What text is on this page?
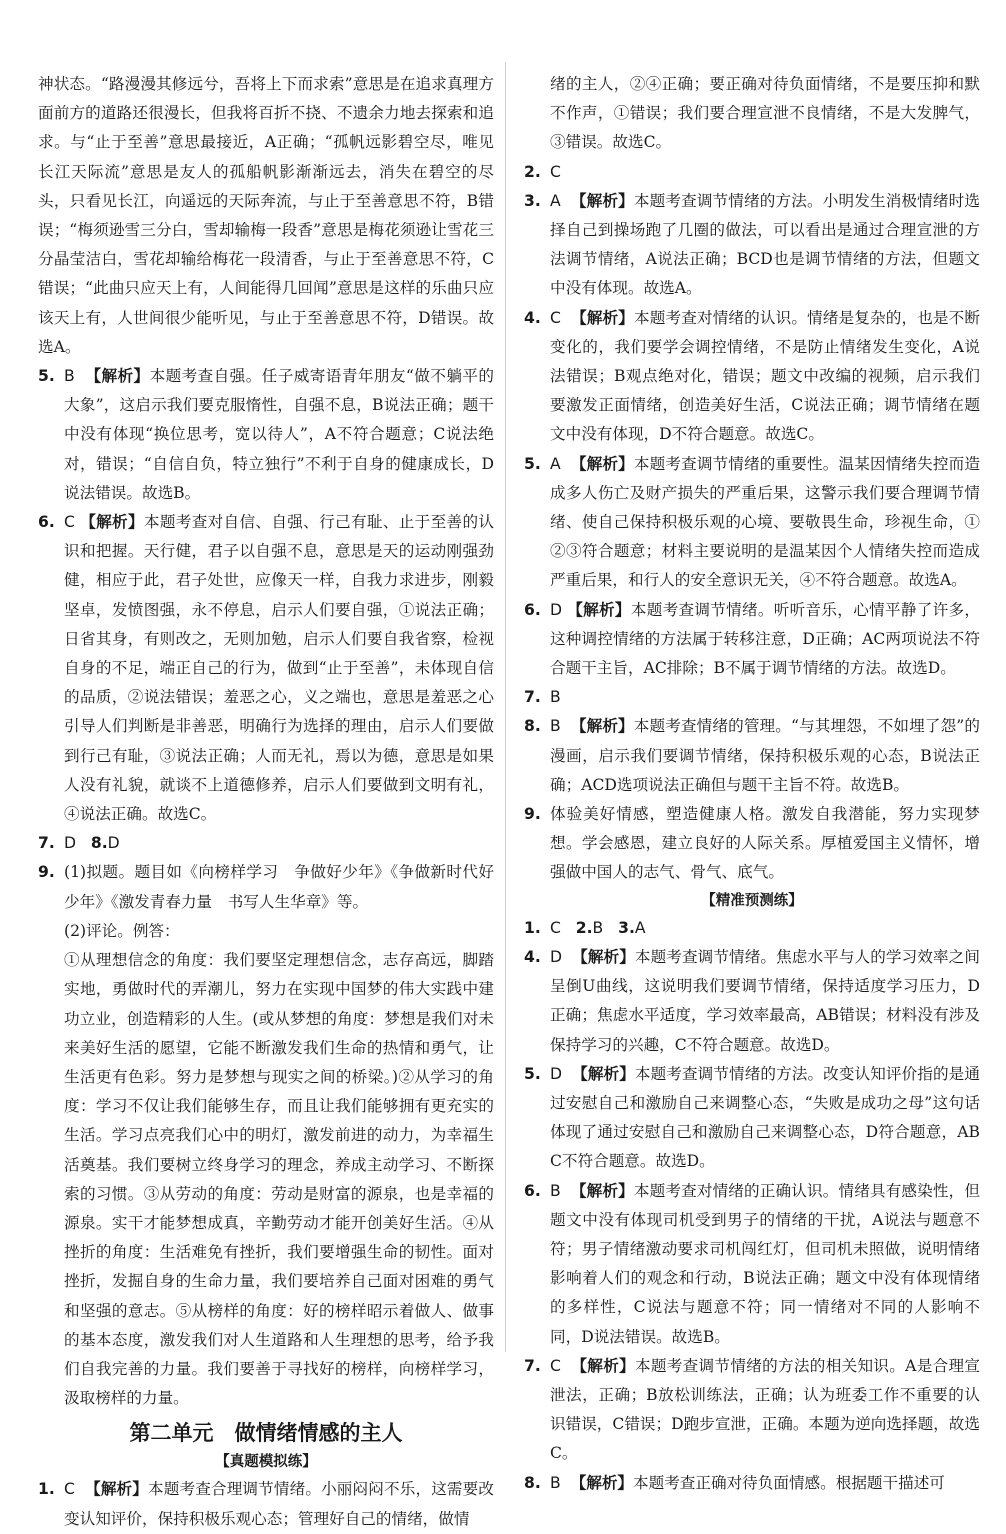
神状态。“路漫漫其修远兮，吾将上下而求索”意思是在追求真理方面前方的道路还很漫长，但我将百折不挠、不遗余力地去探索和追求。与“止于至善”意思最接近，A正确；“孤帆远影碧空尽，唯见长江天际流”意思是友人的孤船帆影渐渐远去，消失在碧空的尽头，只看见长江，向遥远的天际奔流，与止于至善意思不符，B错误；“梅须逊雪三分白，雪却输梅一段香”意思是梅花须逊让雪花三分晶莹洁白，雪花却输给梅花一段清香，与止于至善意思不符，C错误；“此曲只应天上有，人间能得几回闻”意思是这样的乐曲只应该天上有，人世间很少能听见，与止于至善意思不符，D错误。故选A。
5. B 【解析】本题考查自强。任子威寄语青年朋友“做不躺平的大象”，这启示我们要克服惰性，自强不息，B说法正确；题干中没有体现“换位思考，宽以待人”，A不符合题意；C说法绝对，错误；“自信自负，特立独行”不利于自身的健康成长，D说法错误。故选B。
6. C 【解析】本题考查对自信、自强、行己有耻、止于至善的认识和把握。天行健，君子以自强不息，意思是天的运动刚强劲健，相应于此，君子处世，应像天一样，自我力求进步，刚毅坚卓，发愤图强，永不停息，启示人们要自强，①说法正确；日省其身，有则改之，无则加勉，启示人们要自我省察，检视自身的不足，端正自己的行为，做到“止于至善”，未体现自信的品质，②说法错误；羞恶之心，义之端也，意思是羞恶之心引导人们判断是非善恶，明确行为选择的理由，启示人们要做到行己有耻，③说法正确；人而无礼，焉以为德，意思是如果人没有礼貌，就谈不上道德修养，启示人们要做到文明有礼，④说法正确。故选C。
7. D 8.D
9. (1)拟题。题目如《向榜样学习　争做好少年》《争做新时代好少年》《激发青春力量　书写人生华章》等。
(2)评论。例答：
①从理想信念的角度：我们要坚定理想信念，志存高远，脚踏实地，勇做时代的弄潮儿，努力在实现中国梦的伟大实践中建功立业，创造精彩的人生。(或从梦想的角度：梦想是我们对未来美好生活的愿望，它能不断激发我们生命的热情和勇气，让生活更有色彩。努力是梦想与现实之间的桥梁。)②从学习的角度：学习不仅让我们能够生存，而且让我们能够拥有更充实的生活。学习点亮我们心中的明灯，激发前进的动力，为幸福生活奠基。我们要树立终身学习的理念，养成主动学习、不断探索的习惯。③从劳动的角度：劳动是财富的源泉，也是幸福的源泉。实干才能梦想成真，辛勤劳动才能开创美好生活。④从挫折的角度：生活难免有挫折，我们要增强生命的韧性。面对挫折，发掘自身的生命力量，我们要培养自己面对困难的勇气和坚强的意志。⑤从榜样的角度：好的榜样昭示着做人、做事的基本态度，激发我们对人生道路和人生理想的思考，给予我们自我完善的力量。我们要善于寻找好的榜样，向榜样学习，汲取榜样的力量。
第二单元　做情绪情感的主人
【真题模拟练】
1. C 【解析】本题考查合理调节情绪。小丽闷闷不乐，这需要改变认知评价，保持积极乐观心态；管理好自己的情绪，做情
绪的主人，②④正确；要正确对待负面情绪，不是要压抑和默不作声，①错误；我们要合理宣泄不良情绪，不是大发脾气，③错误。故选C。
2. C
3. A 【解析】本题考查调节情绪的方法。小明发生消极情绪时选择自己到操场跑了几圈的做法，可以看出是通过合理宣泄的方法调节情绪，A说法正确；BCD也是调节情绪的方法，但题文中没有体现。故选A。
4. C 【解析】本题考查对情绪的认识。情绪是复杂的，也是不断变化的，我们要学会调控情绪，不是防止情绪发生变化，A说法错误；B观点绝对化，错误；题文中改编的视频，启示我们要激发正面情绪，创造美好生活，C说法正确；调节情绪在题文中没有体现，D不符合题意。故选C。
5. A 【解析】本题考查调节情绪的重要性。温某因情绪失控而造成多人伤亡及财产损失的严重后果，这警示我们要合理调节情绪、使自己保持积极乐观的心境、要敬畏生命，珍视生命，①②③符合题意；材料主要说明的是温某因个人情绪失控而造成严重后果，和行人的安全意识无关，④不符合题意。故选A。
6. D 【解析】本题考查调节情绪。听听音乐，心情平静了许多，这种调控情绪的方法属于转移注意，D正确；AC两项说法不符合题干主旨，AC排除；B不属于调节情绪的方法。故选D。
7. B
8. B 【解析】本题考查情绪的管理。“与其埋怨，不如埋了怨”的漫画，启示我们要调节情绪，保持积极乐观的心态，B说法正确；ACD选项说法正确但与题干主旨不符。故选B。
9. 体验美好情感，塑造健康人格。激发自我潜能，努力实现梦想。学会感恩，建立良好的人际关系。厚植爱国主义情怀，增强做中国人的志气、骨气、底气。
【精准预测练】
1. C 2.B 3.A
4. D 【解析】本题考查调节情绪。焦虑水平与人的学习效率之间呈倒U曲线，这说明我们要调节情绪，保持适度学习压力，D正确；焦虑水平适度，学习效率最高，AB错误；材料没有涉及保持学习的兴趣，C不符合题意。故选D。
5. D 【解析】本题考查调节情绪的方法。改变认知评价指的是通过安慰自己和激励自己来调整心态，“失败是成功之母”这句话体现了通过安慰自己和激励自己来调整心态，D符合题意，ABC不符合题意。故选D。
6. B 【解析】本题考查对情绪的正确认识。情绪具有感染性，但题文中没有体现司机受到男子的情绪的干扰，A说法与题意不符；男子情绪激动要求司机闯红灯，但司机未照做，说明情绪影响着人们的观念和行动，B说法正确；题文中没有体现情绪的多样性，C说法与题意不符；同一情绪对不同的人影响不同，D说法错误。故选B。
7. C 【解析】本题考查调节情绪的方法的相关知识。A是合理宣泄法，正确；B放松训练法，正确；认为班委工作不重要的认识错误，C错误；D跑步宣泄，正确。本题为逆向选择题，故选C。
8. B 【解析】本题考查正确对待负面情感。根据题干描述可
